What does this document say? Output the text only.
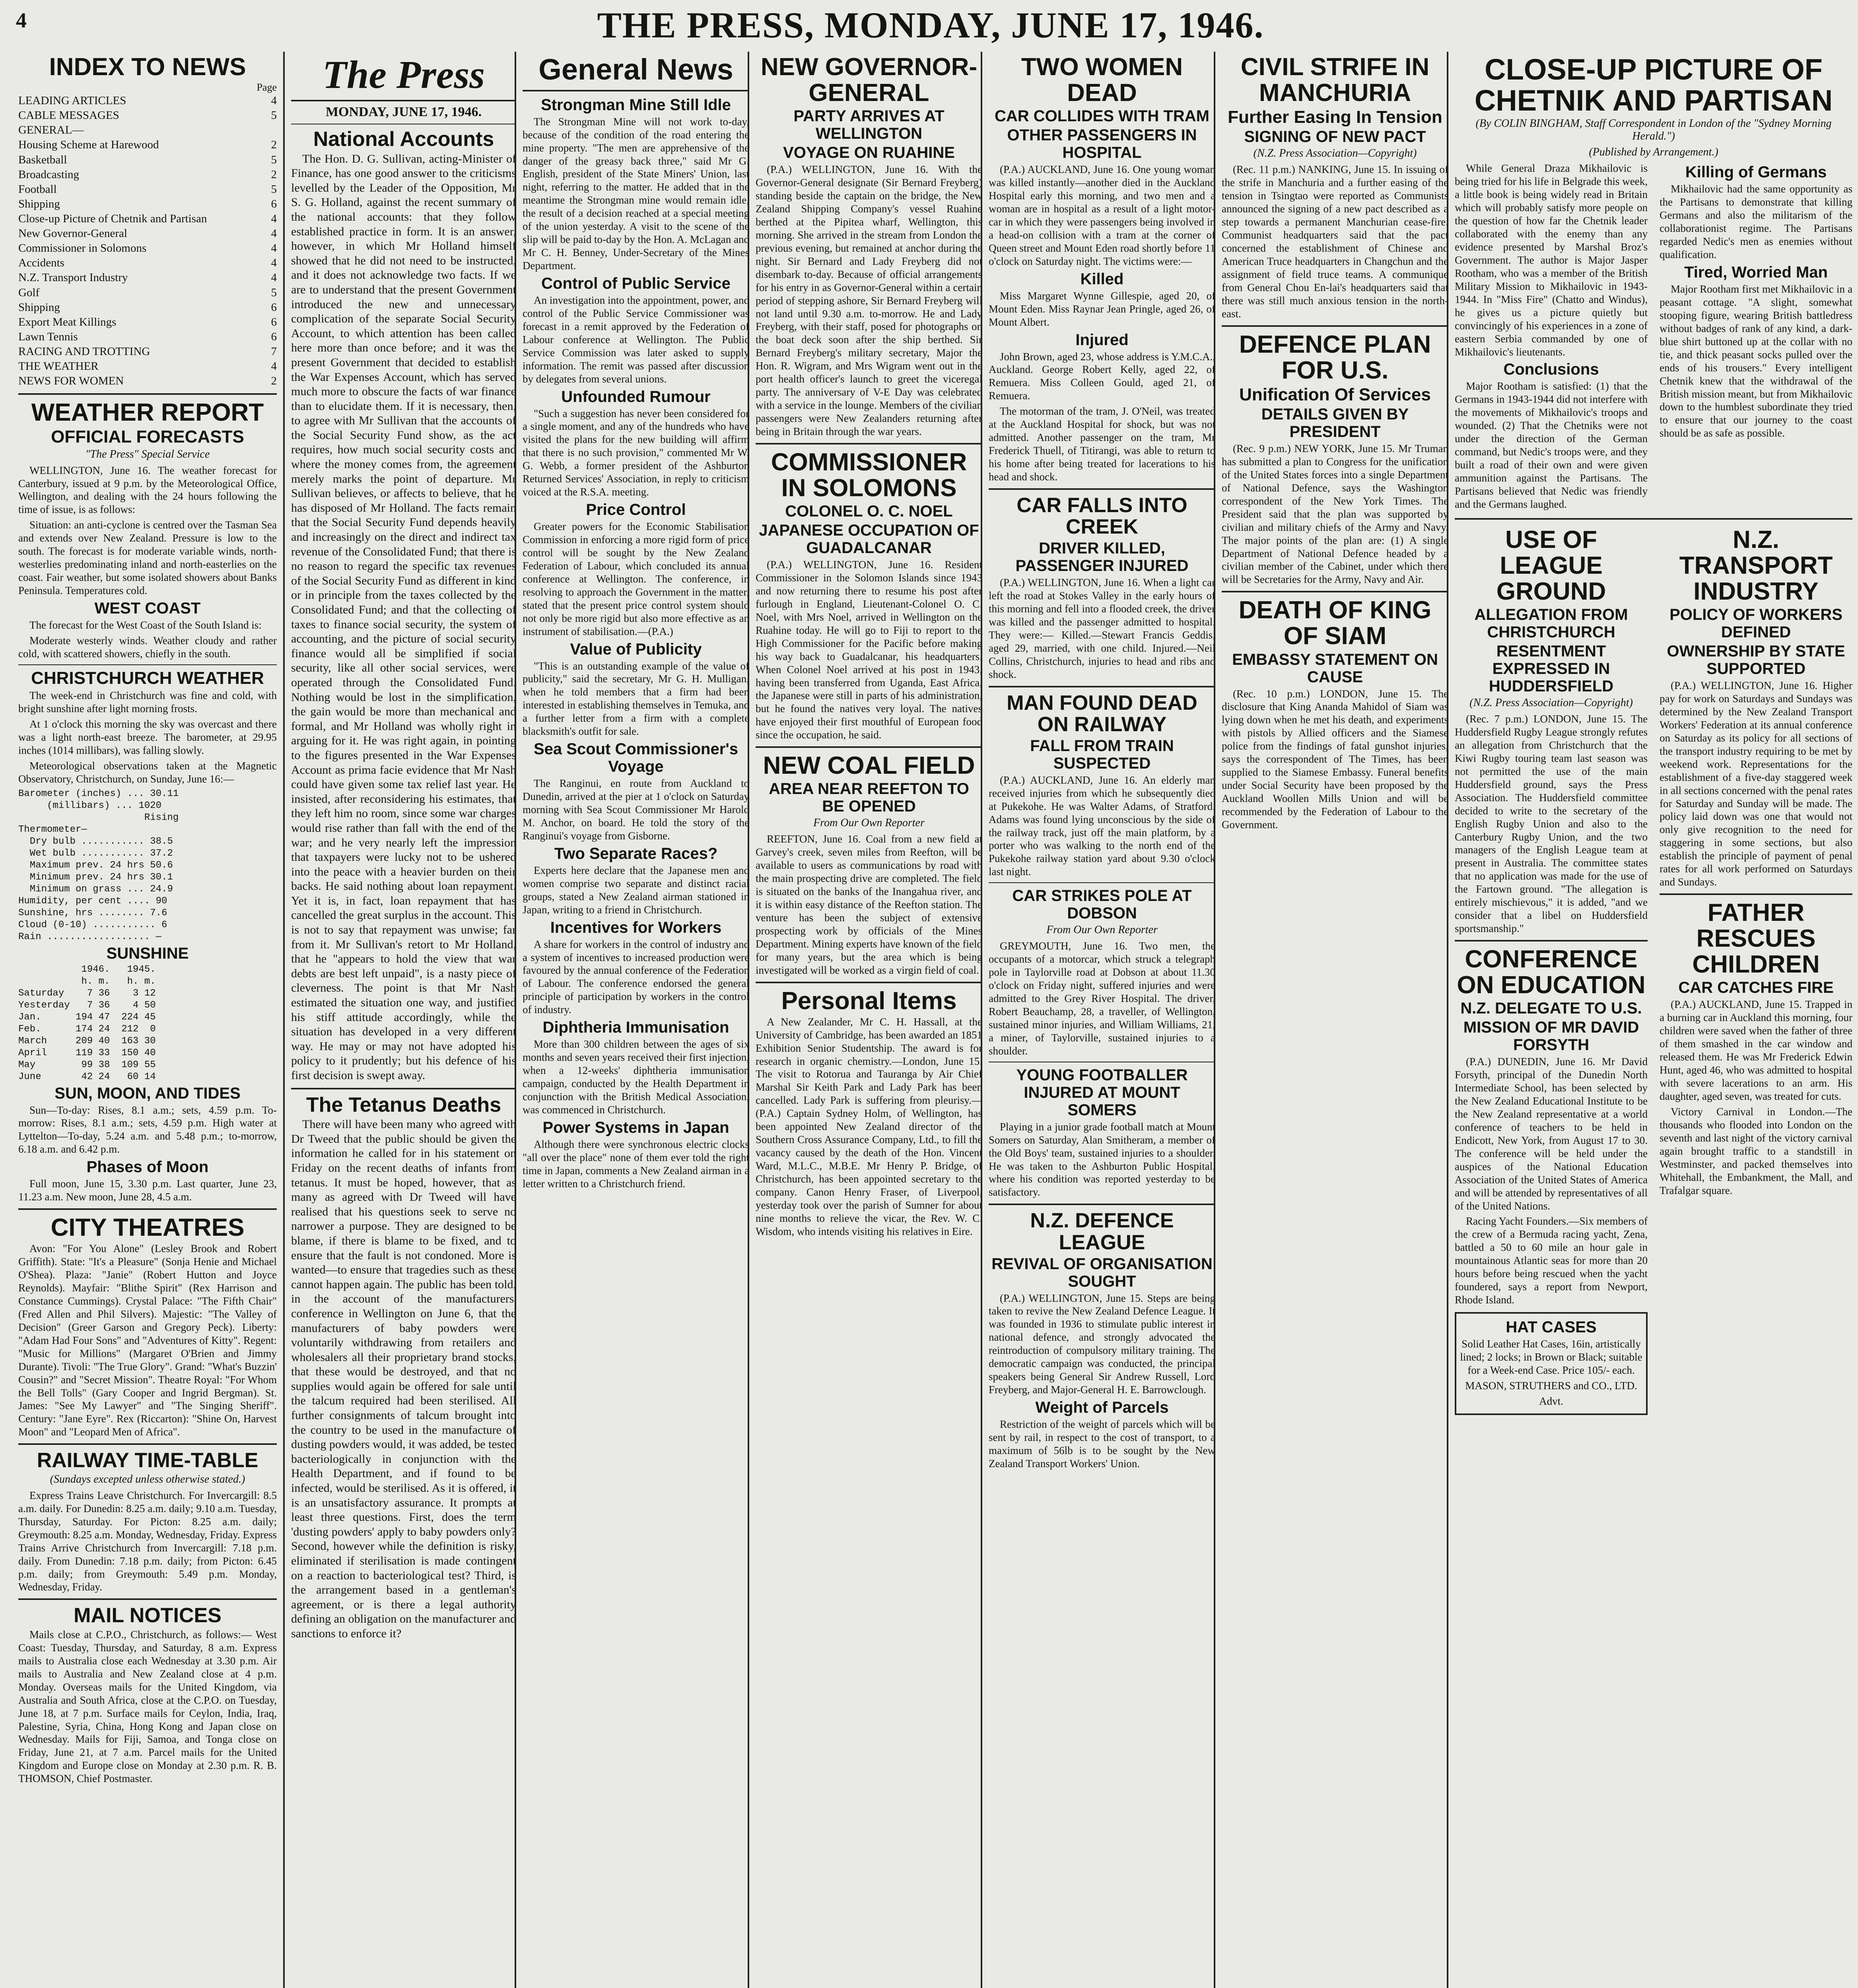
4	THE PRESS, MONDAY, JUNE 17, 1946.
INDEX TO NEWS
Page
LEADING ARTICLES	4
CABLE MESSAGES	5
GENERAL—
Housing Scheme at Harewood	2
Basketball	5
Broadcasting	2
Football	5
Shipping	6
Close-up Picture of Chetnik and Partisan	4
New Governor-General	4
Commissioner in Solomons	4
Accidents	4
N.Z. Transport Industry	4
Golf	5
Shipping	6
Export Meat Killings	6
Lawn Tennis	6
RACING AND TROTTING	7
THE WEATHER	4
NEWS FOR WOMEN	2
WEATHER REPORT
OFFICIAL FORECASTS
"The Press" Special Service

WELLINGTON, June 16. The weather forecast for Canterbury, issued at 9 p.m. by the Meteorological Office, Wellington, and dealing with the 24 hours following the time of issue, is as follows:

Situation: an anti-cyclone is centred over the Tasman Sea and extends over New Zealand. Pressure is low to the south. The forecast is for moderate variable winds, north-westerlies predominating inland and north-easterlies on the coast. Fair weather, but some isolated showers about Banks Peninsula. Temperatures cold.

WEST COAST

The forecast for the West Coast of the South Island is:

Moderate westerly winds. Weather cloudy and rather cold, with scattered showers, chiefly in the south.

CHRISTCHURCH WEATHER

The week-end in Christchurch was fine and cold, with bright sunshine after light morning frosts.

At 1 o'clock this morning the sky was overcast and there was a light north-east breeze. The barometer, at 29.95 inches (1014 millibars), was falling slowly.

Meteorological observations taken at the Magnetic Observatory, Christchurch, on Sunday, June 16:—

Barometer (inches) ... 30.11
(millibars) ... 1020
Rising
Thermometer—
Dry bulb ........... 38.5
Wet bulb ........... 37.2
Maximum prev. 24 hrs 50.6
Minimum prev. 24 hrs 30.1
Minimum on grass ... 24.9
Humidity, per cent .... 90
Sunshine, hrs ........ 7.6
Cloud (0-10) ........... 6
Rain .................. —
SUNSHINE
1946.   1945.
h. m.   h. m.
Saturday    7 36    3 12
Yesterday   7 36    4 50
Jan.      194 47  224 45
Feb.      174 24  212  0
March     209 40  163 30
April     119 33  150 40
May        99 38  109 55
June       42 24   60 14
SUN, MOON, AND TIDES

Sun—To-day: Rises, 8.1 a.m.; sets, 4.59 p.m. To-morrow: Rises, 8.1 a.m.; sets, 4.59 p.m. High water at Lyttelton—To-day, 5.24 a.m. and 5.48 p.m.; to-morrow, 6.18 a.m. and 6.42 p.m.

Phases of Moon

Full moon, June 15, 3.30 p.m. Last quarter, June 23, 11.23 a.m. New moon, June 28, 4.5 a.m.

CITY THEATRES

Avon: "For You Alone" (Lesley Brook and Robert Griffith). State: "It's a Pleasure" (Sonja Henie and Michael O'Shea). Plaza: "Janie" (Robert Hutton and Joyce Reynolds). Mayfair: "Blithe Spirit" (Rex Harrison and Constance Cummings). Crystal Palace: "The Fifth Chair" (Fred Allen and Phil Silvers). Majestic: "The Valley of Decision" (Greer Garson and Gregory Peck). Liberty: "Adam Had Four Sons" and "Adventures of Kitty". Regent: "Music for Millions" (Margaret O'Brien and Jimmy Durante). Tivoli: "The True Glory". Grand: "What's Buzzin' Cousin?" and "Secret Mission". Theatre Royal: "For Whom the Bell Tolls" (Gary Cooper and Ingrid Bergman). St. James: "See My Lawyer" and "The Singing Sheriff". Century: "Jane Eyre". Rex (Riccarton): "Shine On, Harvest Moon" and "Leopard Men of Africa".

RAILWAY TIME-TABLE
(Sundays excepted unless otherwise stated.)

Express Trains Leave Christchurch. For Invercargill: 8.5 a.m. daily. For Dunedin: 8.25 a.m. daily; 9.10 a.m. Tuesday, Thursday, Saturday. For Picton: 8.25 a.m. daily; Greymouth: 8.25 a.m. Monday, Wednesday, Friday. Express Trains Arrive Christchurch from Invercargill: 7.18 p.m. daily. From Dunedin: 7.18 p.m. daily; from Picton: 6.45 p.m. daily; from Greymouth: 5.49 p.m. Monday, Wednesday, Friday.

MAIL NOTICES

Mails close at C.P.O., Christchurch, as follows:— West Coast: Tuesday, Thursday, and Saturday, 8 a.m. Express mails to Australia close each Wednesday at 3.30 p.m. Air mails to Australia and New Zealand close at 4 p.m. Monday. Overseas mails for the United Kingdom, via Australia and South Africa, close at the C.P.O. on Tuesday, June 18, at 7 p.m. Surface mails for Ceylon, India, Iraq, Palestine, Syria, China, Hong Kong and Japan close on Wednesday. Mails for Fiji, Samoa, and Tonga close on Friday, June 21, at 7 a.m. Parcel mails for the United Kingdom and Europe close on Monday at 2.30 p.m. R. B. THOMSON, Chief Postmaster.

The Press
MONDAY, JUNE 17, 1946.
National Accounts

The Hon. D. G. Sullivan, acting-Minister of Finance, has one good answer to the criticisms levelled by the Leader of the Opposition, Mr S. G. Holland, against the recent summary of the national accounts: that they follow established practice in form. It is an answer, however, in which Mr Holland himself showed that he did not need to be instructed, and it does not acknowledge two facts. If we are to understand that the present Government introduced the new and unnecessary complication of the separate Social Security Account, to which attention has been called here more than once before; and it was the present Government that decided to establish the War Expenses Account, which has served much more to obscure the facts of war finance than to elucidate them. If it is necessary, then, to agree with Mr Sullivan that the accounts of the Social Security Fund show, as the act requires, how much social security costs and where the money comes from, the agreement merely marks the point of departure. Mr Sullivan believes, or affects to believe, that he has disposed of Mr Holland. The facts remain that the Social Security Fund depends heavily and increasingly on the direct and indirect tax revenue of the Consolidated Fund; that there is no reason to regard the specific tax revenues of the Social Security Fund as different in kind or in principle from the taxes collected by the Consolidated Fund; and that the collecting of taxes to finance social security, the system of accounting, and the picture of social security finance would all be simplified if social security, like all other social services, were operated through the Consolidated Fund. Nothing would be lost in the simplification, the gain would be more than mechanical and formal, and Mr Holland was wholly right in arguing for it. He was right again, in pointing to the figures presented in the War Expenses Account as prima facie evidence that Mr Nash could have given some tax relief last year. He insisted, after reconsidering his estimates, that they left him no room, since some war charges would rise rather than fall with the end of the war; and he very nearly left the impression that taxpayers were lucky not to be ushered into the peace with a heavier burden on their backs. He said nothing about loan repayment. Yet it is, in fact, loan repayment that has cancelled the great surplus in the account. This is not to say that repayment was unwise; far from it. Mr Sullivan's retort to Mr Holland, that he "appears to hold the view that war debts are best left unpaid", is a nasty piece of cleverness. The point is that Mr Nash estimated the situation one way, and justified his stiff attitude accordingly, while the situation has developed in a very different way. He may or may not have adopted his policy to it prudently; but his defence of his first decision is swept away.

The Tetanus Deaths

There will have been many who agreed with Dr Tweed that the public should be given the information he called for in his statement on Friday on the recent deaths of infants from tetanus. It must be hoped, however, that as many as agreed with Dr Tweed will have realised that his questions seek to serve no narrower a purpose. They are designed to be blame, if there is blame to be fixed, and to ensure that the fault is not condoned. More is wanted—to ensure that tragedies such as these cannot happen again. The public has been told, in the account of the manufacturers' conference in Wellington on June 6, that the manufacturers of baby powders were voluntarily withdrawing from retailers and wholesalers all their proprietary brand stocks, that these would be destroyed, and that no supplies would again be offered for sale until the talcum required had been sterilised. All further consignments of talcum brought into the country to be used in the manufacture of dusting powders would, it was added, be tested bacteriologically in conjunction with the Health Department, and if found to be infected, would be sterilised. As it is offered, it is an unsatisfactory assurance. It prompts at least three questions. First, does the term 'dusting powders' apply to baby powders only? Second, however while the definition is risky, eliminated if sterilisation is made contingent on a reaction to bacteriological test? Third, is the arrangement based in a gentleman's agreement, or is there a legal authority defining an obligation on the manufacturer and sanctions to enforce it?

General News
Strongman Mine Still Idle

The Strongman Mine will not work to-day, because of the condition of the road entering the mine property. "The men are apprehensive of the danger of the greasy back three," said Mr G. English, president of the State Miners' Union, last night, referring to the matter. He added that in the meantime the Strongman mine would remain idle, the result of a decision reached at a special meeting of the union yesterday. A visit to the scene of the slip will be paid to-day by the Hon. A. McLagan and Mr C. H. Benney, Under-Secretary of the Mines Department.

Control of Public Service

An investigation into the appointment, power, and control of the Public Service Commissioner was forecast in a remit approved by the Federation of Labour conference at Wellington. The Public Service Commission was later asked to supply information. The remit was passed after discussion by delegates from several unions.

Unfounded Rumour

"Such a suggestion has never been considered for a single moment, and any of the hundreds who have visited the plans for the new building will affirm that there is no such provision," commented Mr W. G. Webb, a former president of the Ashburton Returned Services' Association, in reply to criticism voiced at the R.S.A. meeting.

Price Control

Greater powers for the Economic Stabilisation Commission in enforcing a more rigid form of price control will be sought by the New Zealand Federation of Labour, which concluded its annual conference at Wellington. The conference, in resolving to approach the Government in the matter, stated that the present price control system should not only be more rigid but also more effective as an instrument of stabilisation.—(P.A.)

Value of Publicity

"This is an outstanding example of the value of publicity," said the secretary, Mr G. H. Mulligan, when he told members that a firm had been interested in establishing themselves in Temuka, and a further letter from a firm with a complete blacksmith's outfit for sale.

Sea Scout Commissioner's Voyage

The Ranginui, en route from Auckland to Dunedin, arrived at the pier at 1 o'clock on Saturday morning with Sea Scout Commissioner Mr Harold M. Anchor, on board. He told the story of the Ranginui's voyage from Gisborne.

Two Separate Races?

Experts here declare that the Japanese men and women comprise two separate and distinct racial groups, stated a New Zealand airman stationed in Japan, writing to a friend in Christchurch.

Incentives for Workers

A share for workers in the control of industry and a system of incentives to increased production were favoured by the annual conference of the Federation of Labour. The conference endorsed the general principle of participation by workers in the control of industry.

Diphtheria Immunisation

More than 300 children between the ages of six months and seven years received their first injection, when a 12-weeks' diphtheria immunisation campaign, conducted by the Health Department in conjunction with the British Medical Association, was commenced in Christchurch.

Power Systems in Japan

Although there were synchronous electric clocks "all over the place" none of them ever told the right time in Japan, comments a New Zealand airman in a letter written to a Christchurch friend.

NEW GOVERNOR-GENERAL
PARTY ARRIVES AT WELLINGTON
VOYAGE ON RUAHINE

(P.A.) WELLINGTON, June 16. With the Governor-General designate (Sir Bernard Freyberg) standing beside the captain on the bridge, the New Zealand Shipping Company's vessel Ruahine berthed at the Pipitea wharf, Wellington, this morning. She arrived in the stream from London the previous evening, but remained at anchor during the night. Sir Bernard and Lady Freyberg did not disembark to-day. Because of official arrangements for his entry in as Governor-General within a certain period of stepping ashore, Sir Bernard Freyberg will not land until 9.30 a.m. to-morrow. He and Lady Freyberg, with their staff, posed for photographs on the boat deck soon after the ship berthed. Sir Bernard Freyberg's military secretary, Major the Hon. R. Wigram, and Mrs Wigram went out in the port health officer's launch to greet the viceregal party. The anniversary of V-E Day was celebrated with a service in the lounge. Members of the civilian passengers were New Zealanders returning after being in Britain through the war years.

COMMISSIONER IN SOLOMONS
COLONEL O. C. NOEL
JAPANESE OCCUPATION OF GUADALCANAR

(P.A.) WELLINGTON, June 16. Resident Commissioner in the Solomon Islands since 1943 and now returning there to resume his post after furlough in England, Lieutenant-Colonel O. C. Noel, with Mrs Noel, arrived in Wellington on the Ruahine today. He will go to Fiji to report to the High Commissioner for the Pacific before making his way back to Guadalcanar, his headquarters. When Colonel Noel arrived at his post in 1943, having been transferred from Uganda, East Africa, the Japanese were still in parts of his administration, but he found the natives very loyal. The natives have enjoyed their first mouthful of European food since the occupation, he said.

NEW COAL FIELD
AREA NEAR REEFTON TO BE OPENED
From Our Own Reporter

REEFTON, June 16. Coal from a new field at Garvey's creek, seven miles from Reefton, will be available to users as communications by road with the main prospecting drive are completed. The field is situated on the banks of the Inangahua river, and it is within easy distance of the Reefton station. The venture has been the subject of extensive prospecting work by officials of the Mines Department. Mining experts have known of the field for many years, but the area which is being investigated will be worked as a virgin field of coal.

Personal Items

A New Zealander, Mr C. H. Hassall, at the University of Cambridge, has been awarded an 1851 Exhibition Senior Studentship. The award is for research in organic chemistry.—London, June 15. The visit to Rotorua and Tauranga by Air Chief Marshal Sir Keith Park and Lady Park has been cancelled. Lady Park is suffering from pleurisy.—(P.A.) Captain Sydney Holm, of Wellington, has been appointed New Zealand director of the Southern Cross Assurance Company, Ltd., to fill the vacancy caused by the death of the Hon. Vincent Ward, M.L.C., M.B.E. Mr Henry P. Bridge, of Christchurch, has been appointed secretary to the company. Canon Henry Fraser, of Liverpool, yesterday took over the parish of Sumner for about nine months to relieve the vicar, the Rev. W. C. Wisdom, who intends visiting his relatives in Eire.

TWO WOMEN DEAD
CAR COLLIDES WITH TRAM
OTHER PASSENGERS IN HOSPITAL

(P.A.) AUCKLAND, June 16. One young woman was killed instantly—another died in the Auckland Hospital early this morning, and two men and a woman are in hospital as a result of a light motor-car in which they were passengers being involved in a head-on collision with a tram at the corner of Queen street and Mount Eden road shortly before 11 o'clock on Saturday night. The victims were:—

Killed

Miss Margaret Wynne Gillespie, aged 20, of Mount Eden. Miss Raynar Jean Pringle, aged 26, of Mount Albert.

Injured

John Brown, aged 23, whose address is Y.M.C.A., Auckland. George Robert Kelly, aged 22, of Remuera. Miss Colleen Gould, aged 21, of Remuera.

The motorman of the tram, J. O'Neil, was treated at the Auckland Hospital for shock, but was not admitted. Another passenger on the tram, Mr Frederick Thuell, of Titirangi, was able to return to his home after being treated for lacerations to his head and shock.

CAR FALLS INTO CREEK
DRIVER KILLED, PASSENGER INJURED

(P.A.) WELLINGTON, June 16. When a light car left the road at Stokes Valley in the early hours of this morning and fell into a flooded creek, the driver was killed and the passenger admitted to hospital. They were:— Killed.—Stewart Francis Geddis, aged 29, married, with one child. Injured.—Neil Collins, Christchurch, injuries to head and ribs and shock.

MAN FOUND DEAD ON RAILWAY
FALL FROM TRAIN SUSPECTED

(P.A.) AUCKLAND, June 16. An elderly man received injuries from which he subsequently died at Pukekohe. He was Walter Adams, of Stratford. Adams was found lying unconscious by the side of the railway track, just off the main platform, by a porter who was walking to the north end of the Pukekohe railway station yard about 9.30 o'clock last night.

CAR STRIKES POLE AT DOBSON
From Our Own Reporter

GREYMOUTH, June 16. Two men, the occupants of a motorcar, which struck a telegraph pole in Taylorville road at Dobson at about 11.30 o'clock on Friday night, suffered injuries and were admitted to the Grey River Hospital. The driver, Robert Beauchamp, 28, a traveller, of Wellington, sustained minor injuries, and William Williams, 21, a miner, of Taylorville, sustained injuries to a shoulder.

YOUNG FOOTBALLER INJURED AT MOUNT SOMERS

Playing in a junior grade football match at Mount Somers on Saturday, Alan Smitheram, a member of the Old Boys' team, sustained injuries to a shoulder. He was taken to the Ashburton Public Hospital, where his condition was reported yesterday to be satisfactory.

N.Z. DEFENCE LEAGUE
REVIVAL OF ORGANISATION SOUGHT

(P.A.) WELLINGTON, June 15. Steps are being taken to revive the New Zealand Defence League. It was founded in 1936 to stimulate public interest in national defence, and strongly advocated the reintroduction of compulsory military training. The democratic campaign was conducted, the principal speakers being General Sir Andrew Russell, Lord Freyberg, and Major-General H. E. Barrowclough.

Weight of Parcels

Restriction of the weight of parcels which will be sent by rail, in respect to the cost of transport, to a maximum of 56lb is to be sought by the New Zealand Transport Workers' Union.

CIVIL STRIFE IN MANCHURIA
Further Easing In Tension
SIGNING OF NEW PACT
(N.Z. Press Association—Copyright)

(Rec. 11 p.m.) NANKING, June 15. In issuing of the strife in Manchuria and a further easing of the tension in Tsingtao were reported as Communists announced the signing of a new pact described as a step towards a permanent Manchurian cease-fire. Communist headquarters said that the pact concerned the establishment of Chinese and American Truce headquarters in Changchun and the assignment of field truce teams. A communique from General Chou En-lai's headquarters said that there was still much anxious tension in the north-east.

DEFENCE PLAN FOR U.S.
Unification Of Services
DETAILS GIVEN BY PRESIDENT

(Rec. 9 p.m.) NEW YORK, June 15. Mr Truman has submitted a plan to Congress for the unification of the United States forces into a single Department of National Defence, says the Washington correspondent of the New York Times. The President said that the plan was supported by civilian and military chiefs of the Army and Navy. The major points of the plan are: (1) A single Department of National Defence headed by a civilian member of the Cabinet, under which there will be Secretaries for the Army, Navy and Air.

DEATH OF KING OF SIAM
EMBASSY STATEMENT ON CAUSE

(Rec. 10 p.m.) LONDON, June 15. The disclosure that King Ananda Mahidol of Siam was lying down when he met his death, and experiments with pistols by Allied officers and the Siamese police from the findings of fatal gunshot injuries, says the correspondent of The Times, has been supplied to the Siamese Embassy. Funeral benefits under Social Security have been proposed by the Auckland Woollen Mills Union and will be recommended by the Federation of Labour to the Government.

CLOSE-UP PICTURE OF CHETNIK AND PARTISAN
(By COLIN BINGHAM, Staff Correspondent in London of the "Sydney Morning Herald.")
(Published by Arrangement.)

While General Draza Mikhailovic is being tried for his life in Belgrade this week, a little book is being widely read in Britain which will probably satisfy more people on the question of how far the Chetnik leader collaborated with the enemy than any evidence presented by Marshal Broz's Government. The author is Major Jasper Rootham, who was a member of the British Military Mission to Mikhailovic in 1943-1944. In "Miss Fire" (Chatto and Windus), he gives us a picture quietly but convincingly of his experiences in a zone of eastern Serbia commanded by one of Mikhailovic's lieutenants.

Conclusions

Major Rootham is satisfied: (1) that the Germans in 1943-1944 did not interfere with the movements of Mikhailovic's troops and wounded. (2) That the Chetniks were not under the direction of the German command, but Nedic's troops were, and they built a road of their own and were given ammunition against the Partisans. The Partisans believed that Nedic was friendly and the Germans laughed.

Killing of Germans

Mikhailovic had the same opportunity as the Partisans to demonstrate that killing Germans and also the militarism of the collaborationist regime. The Partisans regarded Nedic's men as enemies without qualification.

Tired, Worried Man

Major Rootham first met Mikhailovic in a peasant cottage. "A slight, somewhat stooping figure, wearing British battledress without badges of rank of any kind, a dark-blue shirt buttoned up at the collar with no tie, and thick peasant socks pulled over the ends of his trousers." Every intelligent Chetnik knew that the withdrawal of the British mission meant, but from Mikhailovic down to the humblest subordinate they tried to ensure that our journey to the coast should be as safe as possible.

USE OF LEAGUE GROUND
ALLEGATION FROM CHRISTCHURCH
RESENTMENT EXPRESSED IN HUDDERSFIELD
(N.Z. Press Association—Copyright)

(Rec. 7 p.m.) LONDON, June 15. The Huddersfield Rugby League strongly refutes an allegation from Christchurch that the Kiwi Rugby touring team last season was not permitted the use of the main Huddersfield ground, says the Press Association. The Huddersfield committee decided to write to the secretary of the English Rugby Union and also to the Canterbury Rugby Union, and the two managers of the English League team at present in Australia. The committee states that no application was made for the use of the Fartown ground. "The allegation is entirely mischievous," it is added, "and we consider that a libel on Huddersfield sportsmanship."

CONFERENCE ON EDUCATION
N.Z. DELEGATE TO U.S.
MISSION OF MR DAVID FORSYTH

(P.A.) DUNEDIN, June 16. Mr David Forsyth, principal of the Dunedin North Intermediate School, has been selected by the New Zealand Educational Institute to be the New Zealand representative at a world conference of teachers to be held in Endicott, New York, from August 17 to 30. The conference will be held under the auspices of the National Education Association of the United States of America and will be attended by representatives of all of the United Nations.

Racing Yacht Founders.—Six members of the crew of a Bermuda racing yacht, Zena, battled a 50 to 60 mile an hour gale in mountainous Atlantic seas for more than 20 hours before being rescued when the yacht foundered, says a report from Newport, Rhode Island.

HAT CASES

Solid Leather Hat Cases, 16in, artistically lined; 2 locks; in Brown or Black; suitable for a Week-end Case. Price 105/- each.

MASON, STRUTHERS and CO., LTD.

Advt.

N.Z. TRANSPORT INDUSTRY
POLICY OF WORKERS DEFINED
OWNERSHIP BY STATE SUPPORTED

(P.A.) WELLINGTON, June 16. Higher pay for work on Saturdays and Sundays was determined by the New Zealand Transport Workers' Federation at its annual conference on Saturday as its policy for all sections of the transport industry requiring to be met by weekend work. Representations for the establishment of a five-day staggered week in all sections concerned with the penal rates for Saturday and Sunday will be made. The policy laid down was one that would not only give recognition to the need for staggering in some sections, but also establish the principle of payment of penal rates for all work performed on Saturdays and Sundays.

FATHER RESCUES CHILDREN
CAR CATCHES FIRE

(P.A.) AUCKLAND, June 15. Trapped in a burning car in Auckland this morning, four children were saved when the father of three of them smashed in the car window and released them. He was Mr Frederick Edwin Hunt, aged 46, who was admitted to hospital with severe lacerations to an arm. His daughter, aged seven, was treated for cuts.

Victory Carnival in London.—The thousands who flooded into London on the seventh and last night of the victory carnival again brought traffic to a standstill in Westminster, and packed themselves into Whitehall, the Embankment, the Mall, and Trafalgar square.
